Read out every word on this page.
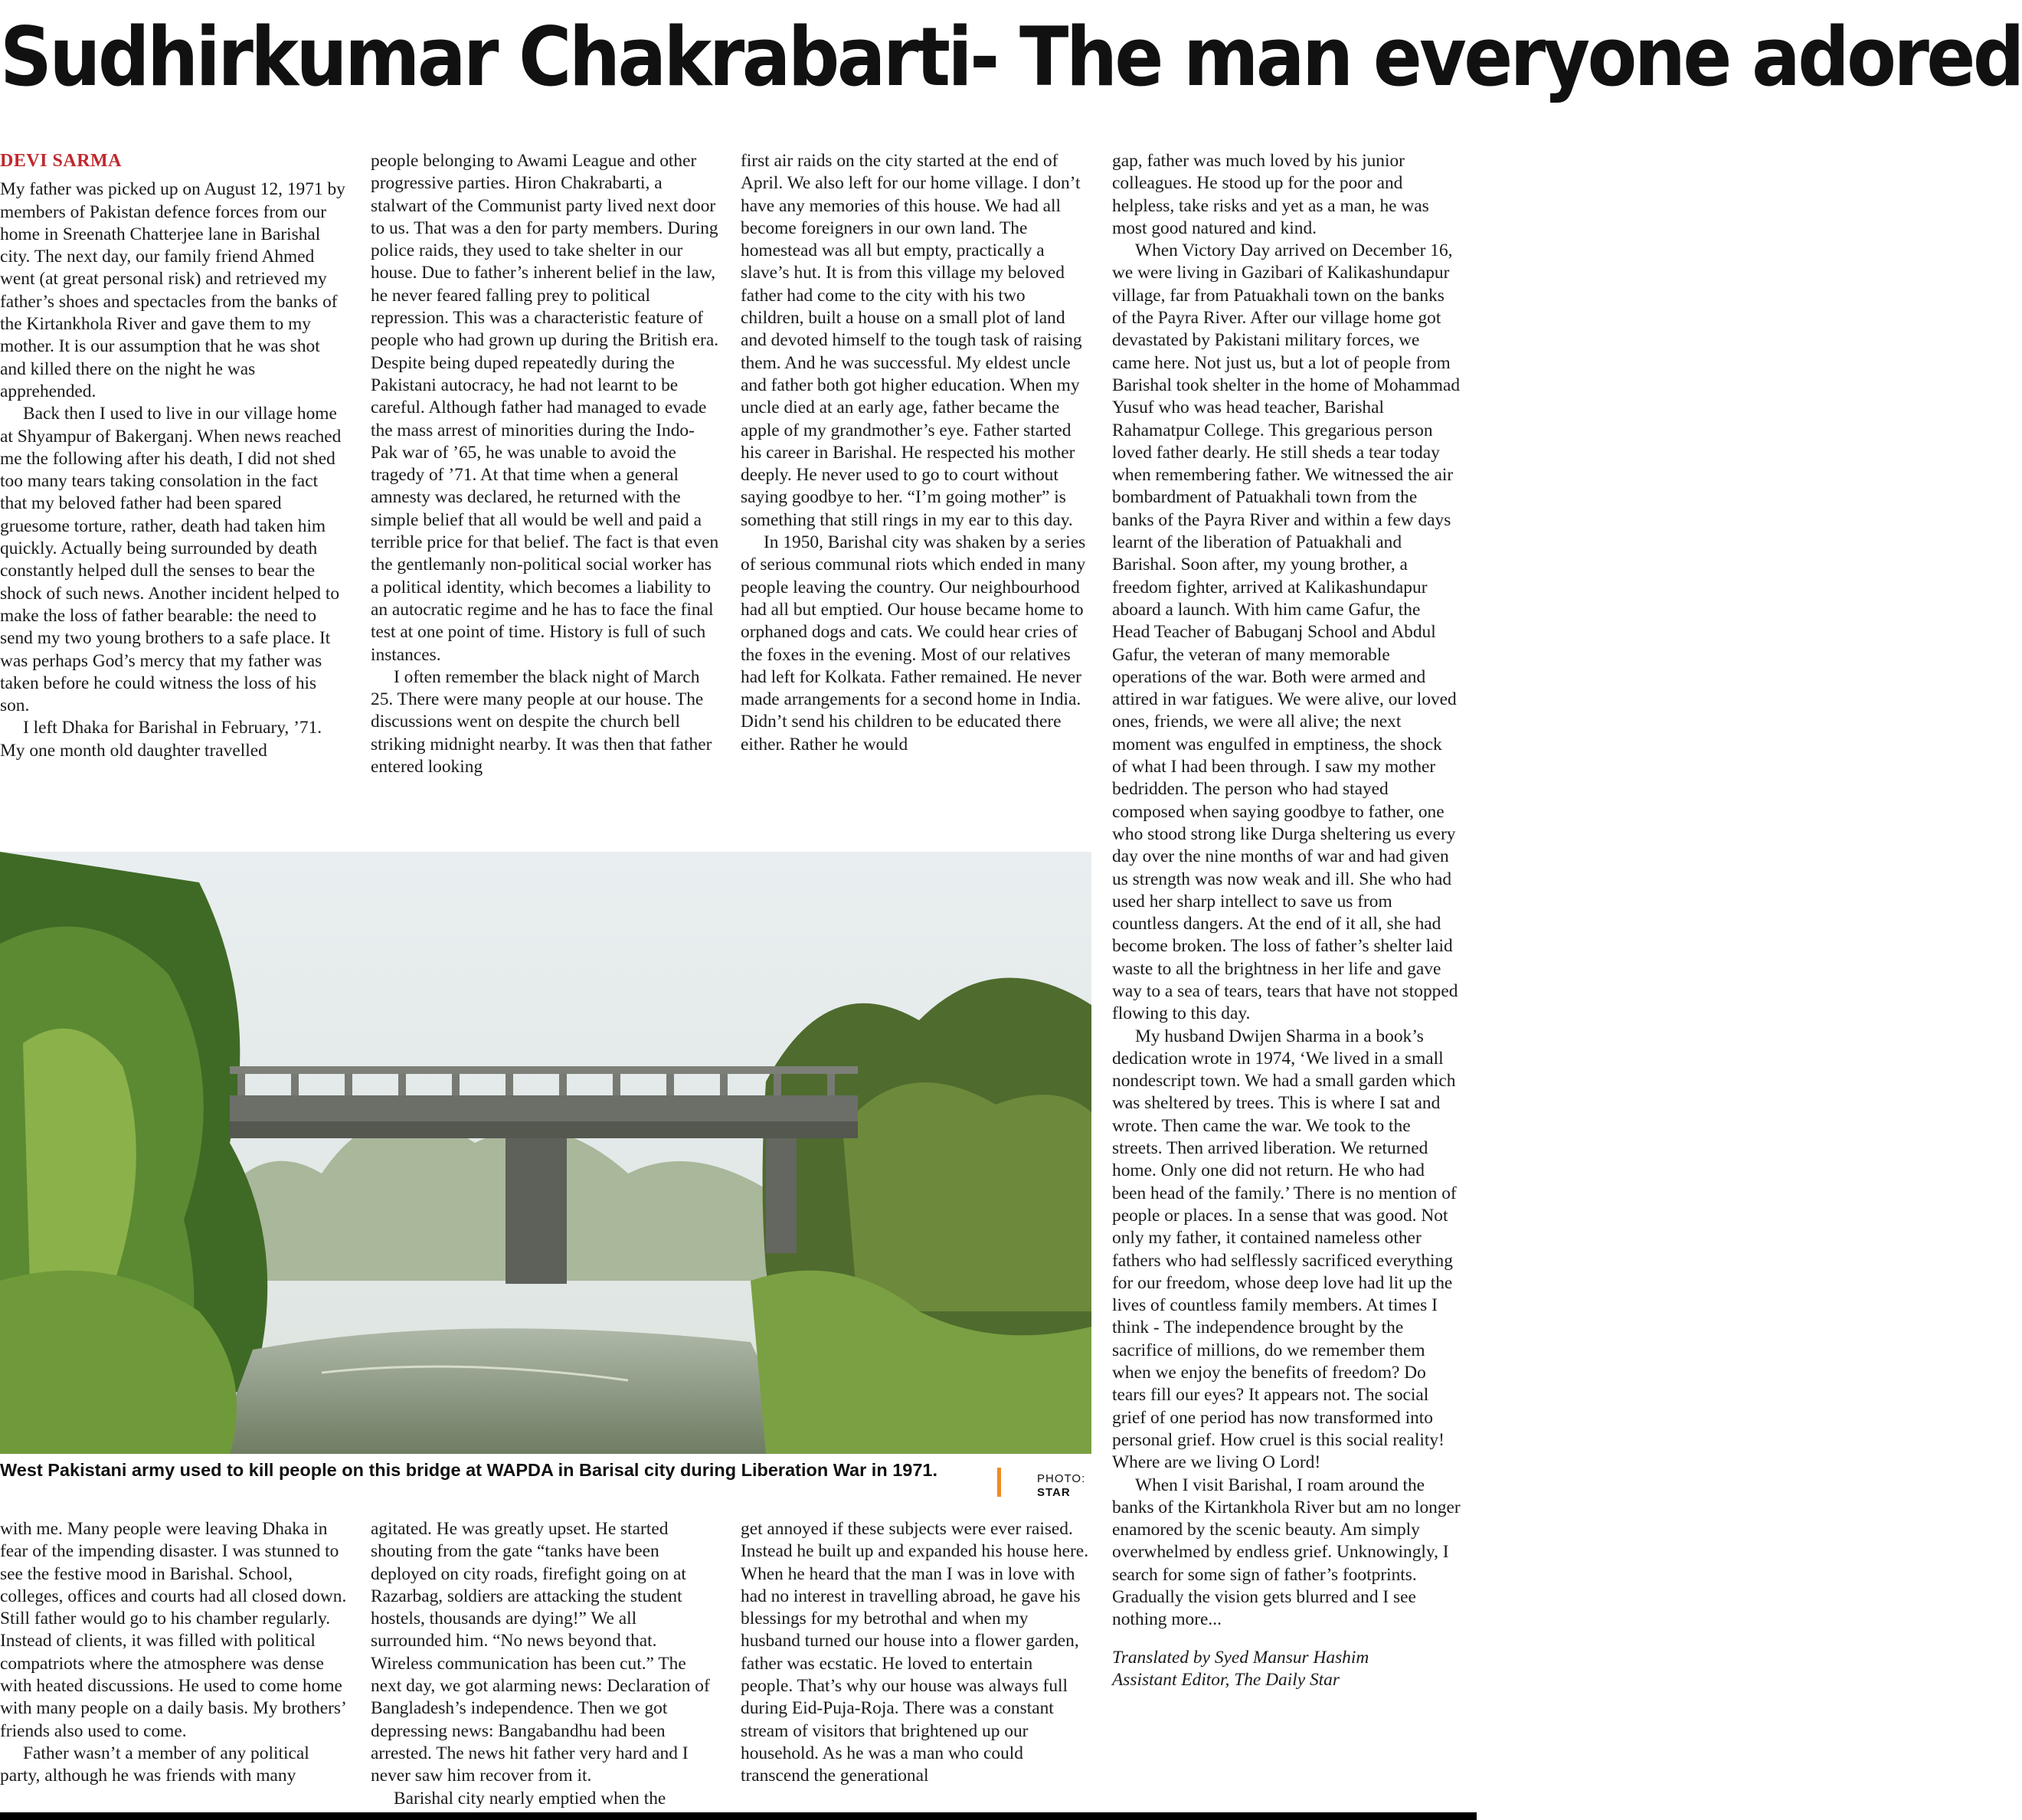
Sudhirkumar Chakrabarti- The man everyone adored

DEVI SARMA

My father was picked up on August 12, 1971 by members of Pakistan defence forces from our home in Sreenath Chatterjee lane in Barishal city. The next day, our family friend Ahmed went (at great personal risk) and retrieved my father’s shoes and spectacles from the banks of the Kirtankhola River and gave them to my mother. It is our assumption that he was shot and killed there on the night he was apprehended.

Back then I used to live in our village home at Shyampur of Bakerganj. When news reached me the following after his death, I did not shed too many tears taking consolation in the fact that my beloved father had been spared gruesome torture, rather, death had taken him quickly. Actually being surrounded by death constantly helped dull the senses to bear the shock of such news. Another incident helped to make the loss of father bearable: the need to send my two young brothers to a safe place. It was perhaps God’s mercy that my father was taken before he could witness the loss of his son.

I left Dhaka for Barishal in February, ’71. My one month old daughter travelled

people belonging to Awami League and other progressive parties. Hiron Chakrabarti, a stalwart of the Communist party lived next door to us. That was a den for party members. During police raids, they used to take shelter in our house. Due to father’s inherent belief in the law, he never feared falling prey to political repression. This was a characteristic feature of people who had grown up during the British era. Despite being duped repeatedly during the Pakistani autocracy, he had not learnt to be careful. Although father had managed to evade the mass arrest of minorities during the Indo-Pak war of ’65, he was unable to avoid the tragedy of ’71. At that time when a general amnesty was declared, he returned with the simple belief that all would be well and paid a terrible price for that belief. The fact is that even the gentlemanly non-political social worker has a political identity, which becomes a liability to an autocratic regime and he has to face the final test at one point of time. History is full of such instances.

I often remember the black night of March 25. There were many people at our house. The discussions went on despite the church bell striking midnight nearby. It was then that father entered looking

first air raids on the city started at the end of April. We also left for our home village. I don’t have any memories of this house. We had all become foreigners in our own land. The homestead was all but empty, practically a slave’s hut. It is from this village my beloved father had come to the city with his two children, built a house on a small plot of land and devoted himself to the tough task of raising them. And he was successful. My eldest uncle and father both got higher education. When my uncle died at an early age, father became the apple of my grandmother’s eye. Father started his career in Barishal. He respected his mother deeply. He never used to go to court without saying goodbye to her. “I’m going mother” is something that still rings in my ear to this day.

In 1950, Barishal city was shaken by a series of serious communal riots which ended in many people leaving the country. Our neighbourhood had all but emptied. Our house became home to orphaned dogs and cats. We could hear cries of the foxes in the evening. Most of our relatives had left for Kolkata. Father remained. He never made arrangements for a second home in India. Didn’t send his children to be educated there either. Rather he would

gap, father was much loved by his junior colleagues. He stood up for the poor and helpless, take risks and yet as a man, he was most good natured and kind.

When Victory Day arrived on December 16, we were living in Gazibari of Kalikashundapur village, far from Patuakhali town on the banks of the Payra River. After our village home got devastated by Pakistani military forces, we came here. Not just us, but a lot of people from Barishal took shelter in the home of Mohammad Yusuf who was head teacher, Barishal Rahamatpur College. This gregarious person loved father dearly. He still sheds a tear today when remembering father. We witnessed the air bombardment of Patuakhali town from the banks of the Payra River and within a few days learnt of the liberation of Patuakhali and Barishal. Soon after, my young brother, a freedom fighter, arrived at Kalikashundapur aboard a launch. With him came Gafur, the Head Teacher of Babuganj School and Abdul Gafur, the veteran of many memorable operations of the war. Both were armed and attired in war fatigues. We were alive, our loved ones, friends, we were all alive; the next moment was engulfed in emptiness, the shock of what I had been through. I saw my mother bedridden. The person who had stayed composed when saying goodbye to father, one who stood strong like Durga sheltering us every day over the nine months of war and had given us strength was now weak and ill. She who had used her sharp intellect to save us from countless dangers. At the end of it all, she had become broken. The loss of father’s shelter laid waste to all the brightness in her life and gave way to a sea of tears, tears that have not stopped flowing to this day.

My husband Dwijen Sharma in a book’s dedication wrote in 1974, ‘We lived in a small nondescript town. We had a small garden which was sheltered by trees. This is where I sat and wrote. Then came the war. We took to the streets. Then arrived liberation. We returned home. Only one did not return. He who had been head of the family.’ There is no mention of people or places. In a sense that was good. Not only my father, it contained nameless other fathers who had selflessly sacrificed everything for our freedom, whose deep love had lit up the lives of countless family members. At times I think - The independence brought by the sacrifice of millions, do we remember them when we enjoy the benefits of freedom? Do tears fill our eyes? It appears not. The social grief of one period has now transformed into personal grief. How cruel is this social reality! Where are we living O Lord!

When I visit Barishal, I roam around the banks of the Kirtankhola River but am no longer enamored by the scenic beauty. Am simply overwhelmed by endless grief. Unknowingly, I search for some sign of father’s footprints. Gradually the vision gets blurred and I see nothing more...

Translated by Syed Mansur Hashim

Assistant Editor, The Daily Star

West Pakistani army used to kill people on this bridge at WAPDA in Barisal city during Liberation War in 1971.	PHOTO:
STAR

with me. Many people were leaving Dhaka in fear of the impending disaster. I was stunned to see the festive mood in Barishal. School, colleges, offices and courts had all closed down. Still father would go to his chamber regularly. Instead of clients, it was filled with political compatriots where the atmosphere was dense with heated discussions. He used to come home with many people on a daily basis. My brothers’ friends also used to come.

Father wasn’t a member of any political party, although he was friends with many

agitated. He was greatly upset. He started shouting from the gate “tanks have been deployed on city roads, firefight going on at Razarbag, soldiers are attacking the student hostels, thousands are dying!” We all surrounded him. “No news beyond that. Wireless communication has been cut.” The next day, we got alarming news: Declaration of Bangladesh’s independence. Then we got depressing news: Bangabandhu had been arrested. The news hit father very hard and I never saw him recover from it.

Barishal city nearly emptied when the

get annoyed if these subjects were ever raised. Instead he built up and expanded his house here. When he heard that the man I was in love with had no interest in travelling abroad, he gave his blessings for my betrothal and when my husband turned our house into a flower garden, father was ecstatic. He loved to entertain people. That’s why our house was always full during Eid-Puja-Roja. There was a constant stream of visitors that brightened up our household. As he was a man who could transcend the generational
